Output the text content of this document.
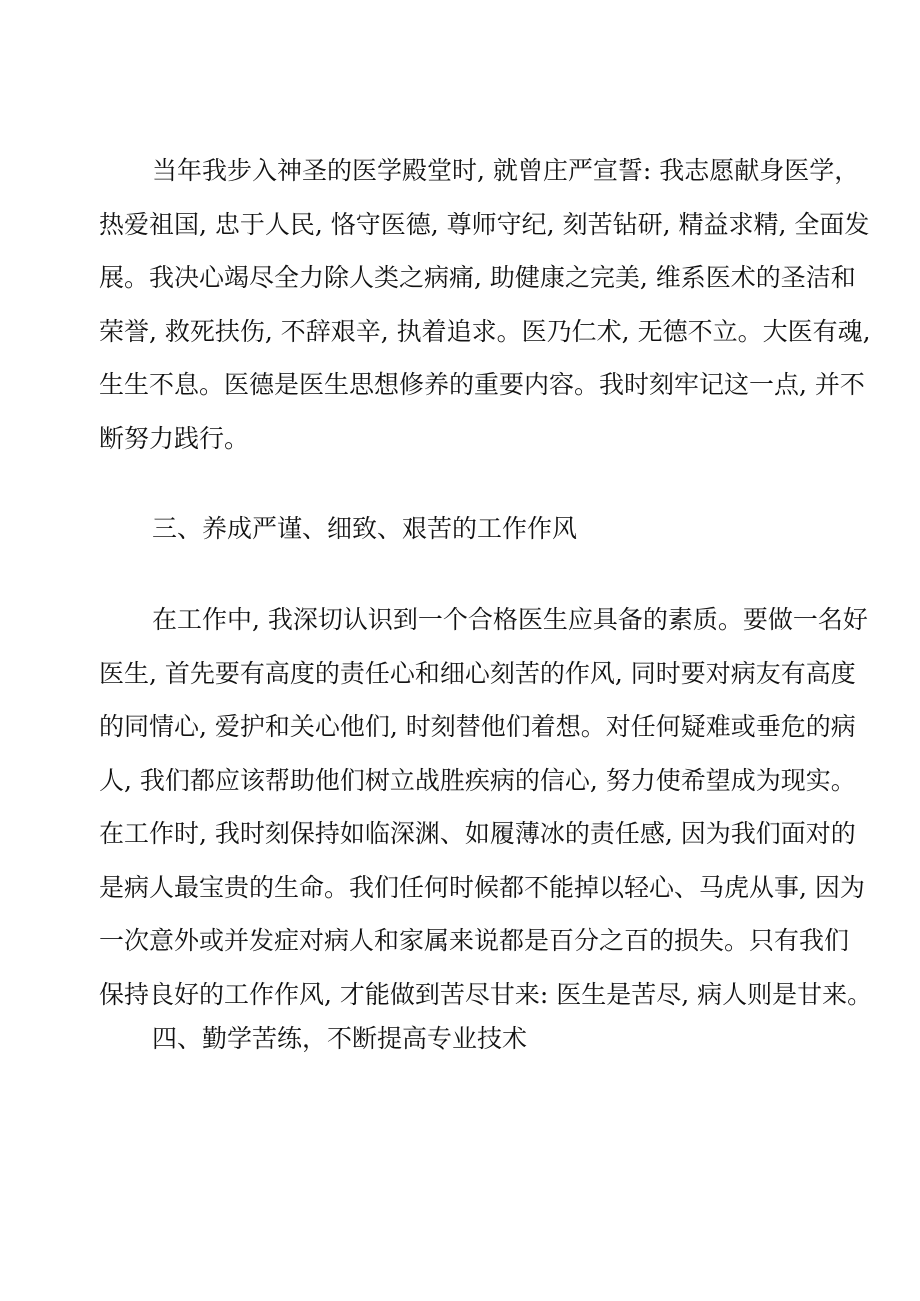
当年我步入神圣的医学殿堂时, 就曾庄严宣誓: 我志愿献身医学，
热爱祖国, 忠于人民, 恪守医德, 尊师守纪, 刻苦钻研, 精益求精, 全面发
展。我决心竭尽全力除人类之病痛, 助健康之完美, 维系医术的圣洁和
荣誉, 救死扶伤, 不辞艰辛, 执着追求。医乃仁术, 无德不立。大医有魂,
生生不息。医德是医生思想修养的重要内容。我时刻牢记这一点, 并不
断努力践行。
三、养成严谨、细致、艰苦的工作作风
在工作中, 我深切认识到一个合格医生应具备的素质。要做一名好
医生, 首先要有高度的责任心和细心刻苦的作风, 同时要对病友有高度
的同情心, 爱护和关心他们, 时刻替他们着想。对任何疑难或垂危的病
人, 我们都应该帮助他们树立战胜疾病的信心, 努力使希望成为现实。
在工作时, 我时刻保持如临深渊、如履薄冰的责任感, 因为我们面对的
是病人最宝贵的生命。我们任何时候都不能掉以轻心、马虎从事, 因为
一次意外或并发症对病人和家属来说都是百分之百的损失。只有我们
保持良好的工作作风, 才能做到苦尽甘来: 医生是苦尽, 病人则是甘来。
四、勤学苦练，不断提高专业技术
